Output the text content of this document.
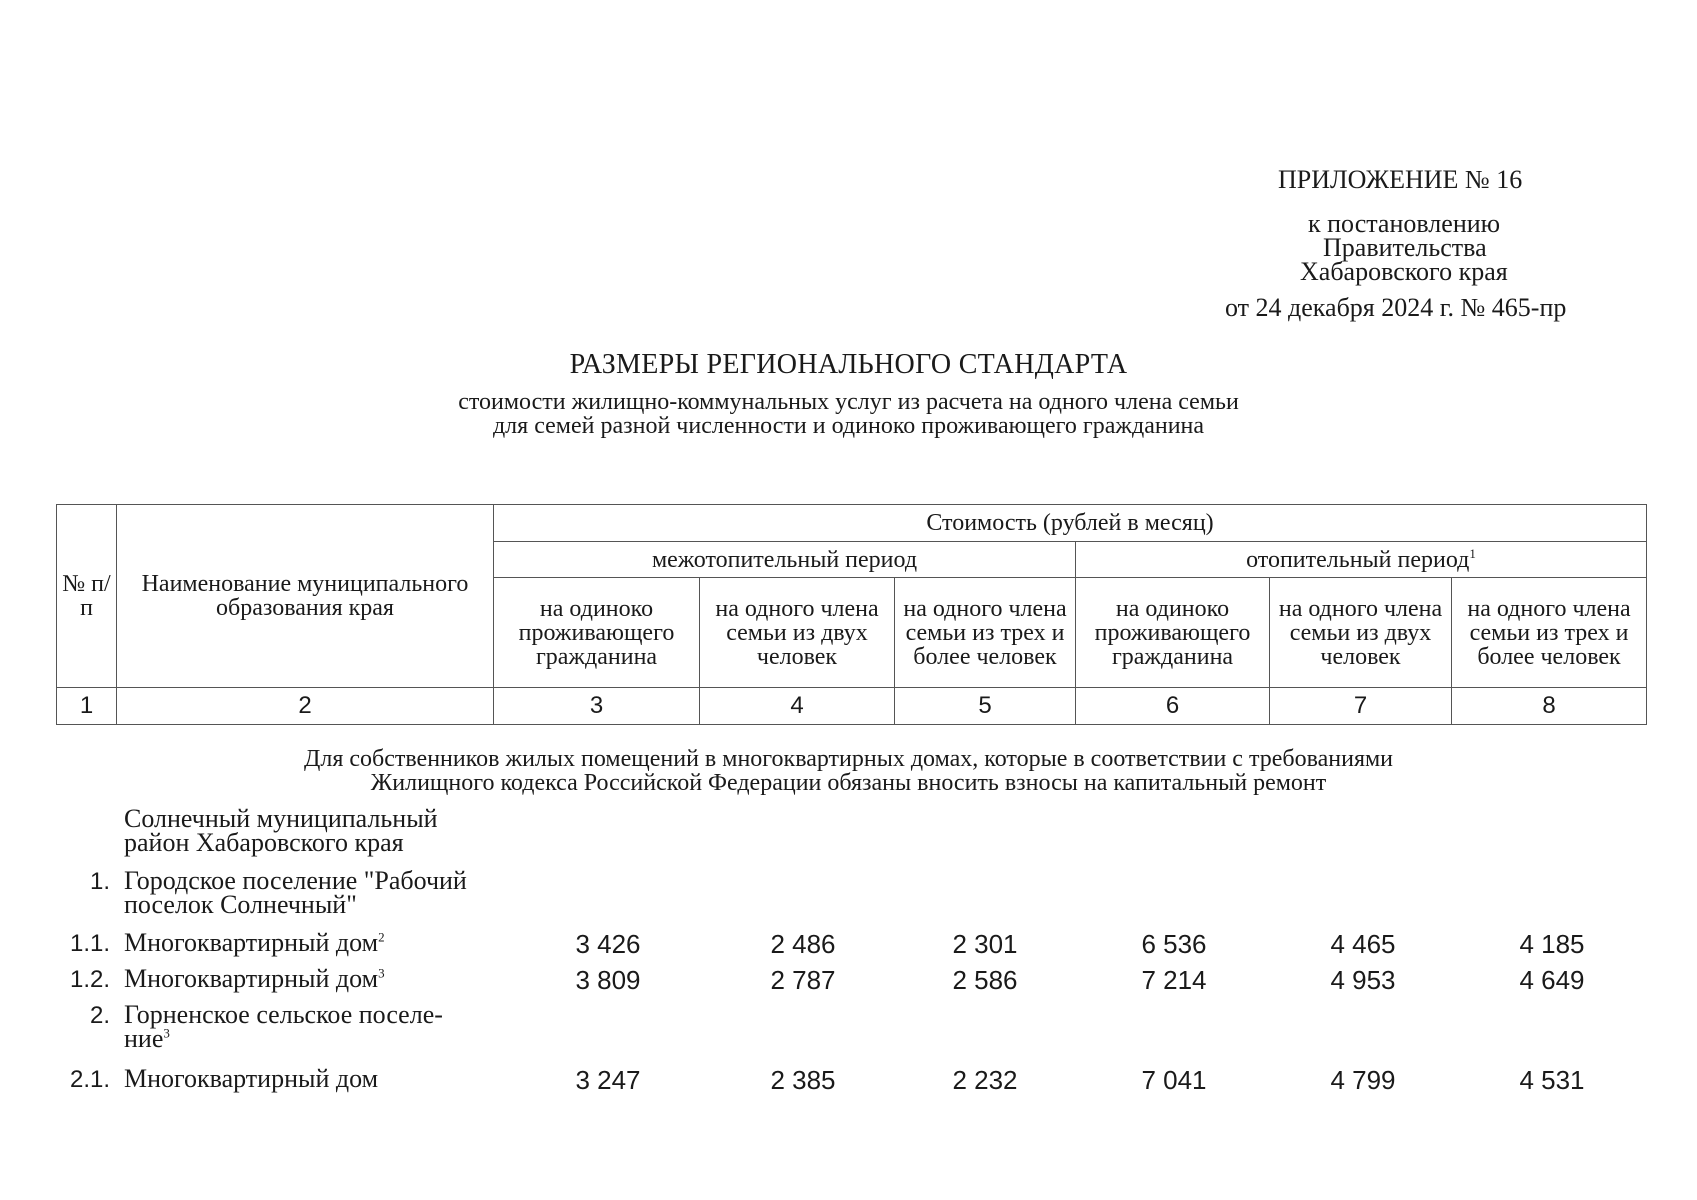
ПРИЛОЖЕНИЕ № 16
к постановлению
Правительства
Хабаровского края
от 24 декабря 2024 г. № 465-пр
РАЗМЕРЫ РЕГИОНАЛЬНОГО СТАНДАРТА
стоимости жилищно-коммунальных услуг из расчета на одного члена семьи
для семей разной численности и одиноко проживающего гражданина
№ п/п	Наименование муниципального образования края	Стоимость (рублей в месяц)					
		межотопительный период			отопительный период$^1$
		на одиноко проживающего гражданина	на одного члена семьи из двух человек	на одного члена семьи из трех и более человек	на одиноко проживающего гражданина	на одного члена семьи из двух человек	на одного члена семьи из трех и более человек
1	2	3	4	5	6	7	8
Для собственников жилых помещений в многоквартирных домах, которые в соответствии с требованиями
Жилищного кодекса Российской Федерации обязаны вносить взносы на капитальный ремонт
Солнечный муниципальный
район Хабаровского края
1. Городское поселение "Рабочий
поселок Солнечный"
1.1. Многоквартирный дом$^2$	3 426	2 486	2 301	6 536	4 465	4 185
1.2. Многоквартирный дом$^3$	3 809	2 787	2 586	7 214	4 953	4 649
2. Горненское сельское поселе-
ние$^3$
2.1. Многоквартирный дом	3 247	2 385	2 232	7 041	4 799	4 531
